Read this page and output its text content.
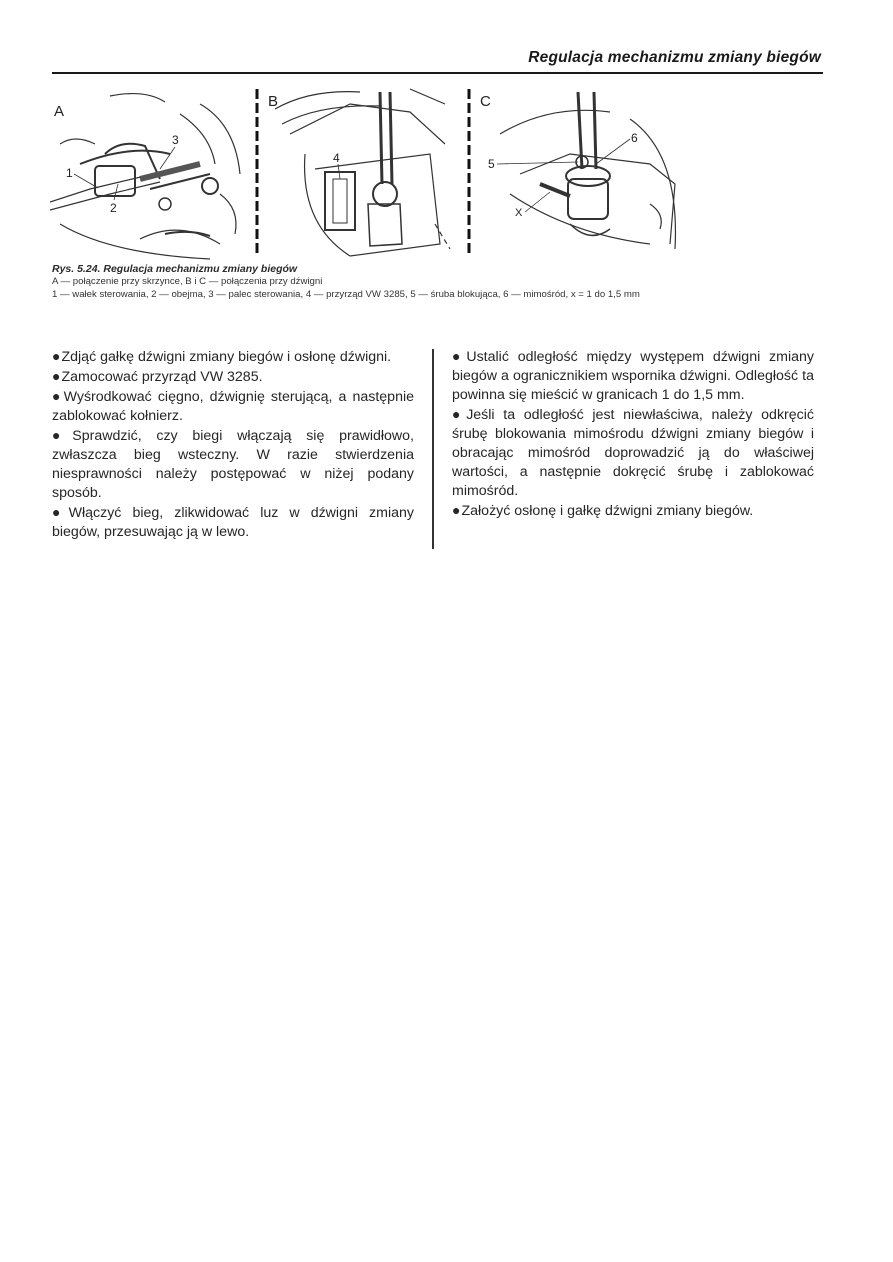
Regulacja mechanizmu zmiany biegów
A
1
2
3
B
4
C
5
6
X
Rys. 5.24. Regulacja mechanizmu zmiany biegów
A — połączenie przy skrzynce, B i C — połączenia przy dźwigni
1 — wałek sterowania, 2 — obejma, 3 — palec sterowania, 4 — przyrząd VW 3285, 5 — śruba blokująca, 6 — mimośród, x = 1 do 1,5 mm

●Zdjąć gałkę dźwigni zmiany biegów i osłonę dźwigni.

●Zamocować przyrząd VW 3285.

●Wyśrodkować cięgno, dźwignię sterującą, a następnie zablokować kołnierz.

●Sprawdzić, czy biegi włączają się prawidłowo, zwłaszcza bieg wsteczny. W razie stwierdzenia niesprawności należy postępować w niżej podany sposób.

●Włączyć bieg, zlikwidować luz w dźwigni zmiany biegów, przesuwając ją w lewo.

●Ustalić odległość między występem dźwigni zmiany biegów a ogranicznikiem wspornika dźwigni. Odległość ta powinna się mieścić w granicach 1 do 1,5 mm.

●Jeśli ta odległość jest niewłaściwa, należy odkręcić śrubę blokowania mimośrodu dźwigni zmiany biegów i obracając mimośród doprowadzić ją do właściwej wartości, a następnie dokręcić śrubę i zablokować mimośród.

●Założyć osłonę i gałkę dźwigni zmiany biegów.
